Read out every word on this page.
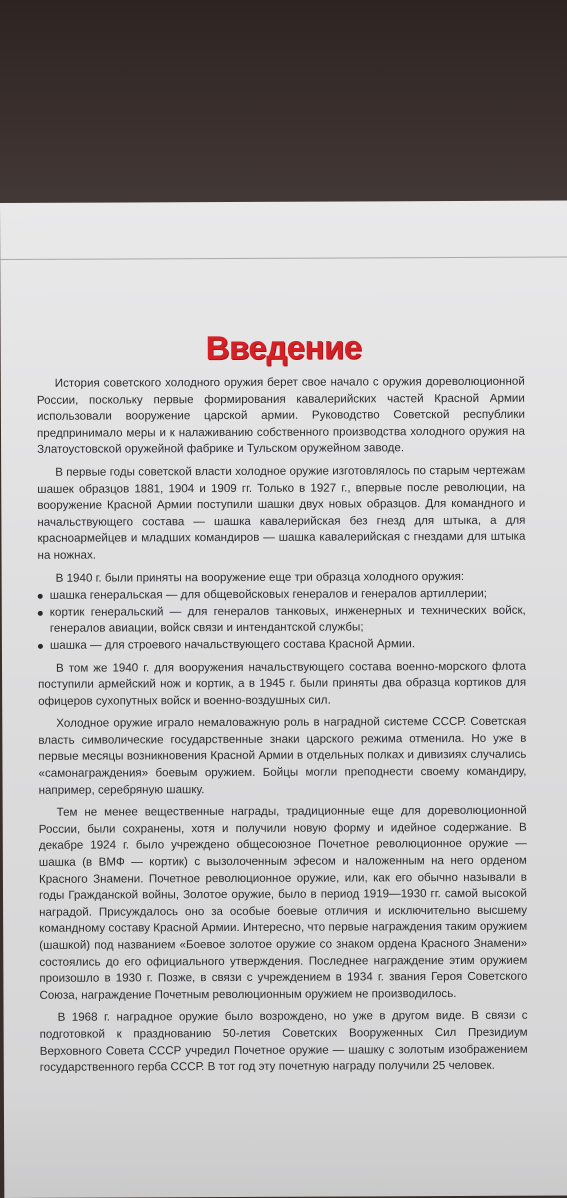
Введение

История советского холодного оружия берет свое начало с оружия дореволюционной России, поскольку первые формирования кавалерийских частей Красной Армии использовали вооружение царской армии. Руководство Советской республики предпринимало меры и к налаживанию собственного производства холодного оружия на Златоустовской оружейной фабрике и Тульском оружейном заводе.

В первые годы советской власти холодное оружие изготовлялось по старым чертежам шашек образцов 1881, 1904 и 1909 гг. Только в 1927 г., впервые после революции, на вооружение Красной Армии поступили шашки двух новых образцов. Для командного и начальствующего состава — шашка кавалерийская без гнезд для штыка, а для красноармейцев и младших командиров — шашка кавалерийская с гнездами для штыка на ножнах.

В 1940 г. были приняты на вооружение еще три образца холодного оружия:

шашка генеральская — для общевойсковых генералов и генералов артиллерии;

кортик генеральский — для генералов танковых, инженерных и технических войск, генералов авиации, войск связи и интендантской службы;

шашка — для строевого начальствующего состава Красной Армии.

В том же 1940 г. для вооружения начальствующего состава военно-морского флота поступили армейский нож и кортик, а в 1945 г. были приняты два образца кортиков для офицеров сухопутных войск и военно-воздушных сил.

Холодное оружие играло немаловажную роль в наградной системе СССР. Советская власть символические государственные знаки царского режима отменила. Но уже в первые месяцы возникновения Красной Армии в отдельных полках и дивизиях случались «самонаграждения» боевым оружием. Бойцы могли преподнести своему командиру, например, серебряную шашку.

Тем не менее вещественные награды, традиционные еще для дореволюционной России, были сохранены, хотя и получили новую форму и идейное содержание. В декабре 1924 г. было учреждено общесоюзное Почетное революционное оружие — шашка (в ВМФ — кортик) с вызолоченным эфесом и наложенным на него орденом Красного Знамени. Почетное революционное оружие, или, как его обычно называли в годы Гражданской войны, Золотое оружие, было в период 1919—1930 гг. самой высокой наградой. Присуждалось оно за особые боевые отличия и исключительно высшему командному составу Красной Армии. Интересно, что первые награждения таким оружием (шашкой) под названием «Боевое золотое оружие со знаком ордена Красного Знамени» состоялись до его официального утверждения. Последнее награждение этим оружием произошло в 1930 г. Позже, в связи с учреждением в 1934 г. звания Героя Советского Союза, награждение Почетным революционным оружием не производилось.

В 1968 г. наградное оружие было возрождено, но уже в другом виде. В связи с подготовкой к празднованию 50-летия Советских Вооруженных Сил Президиум Верховного Совета СССР учредил Почетное оружие — шашку с золотым изображением государственного герба СССР. В тот год эту почетную награду получили 25 человек.
